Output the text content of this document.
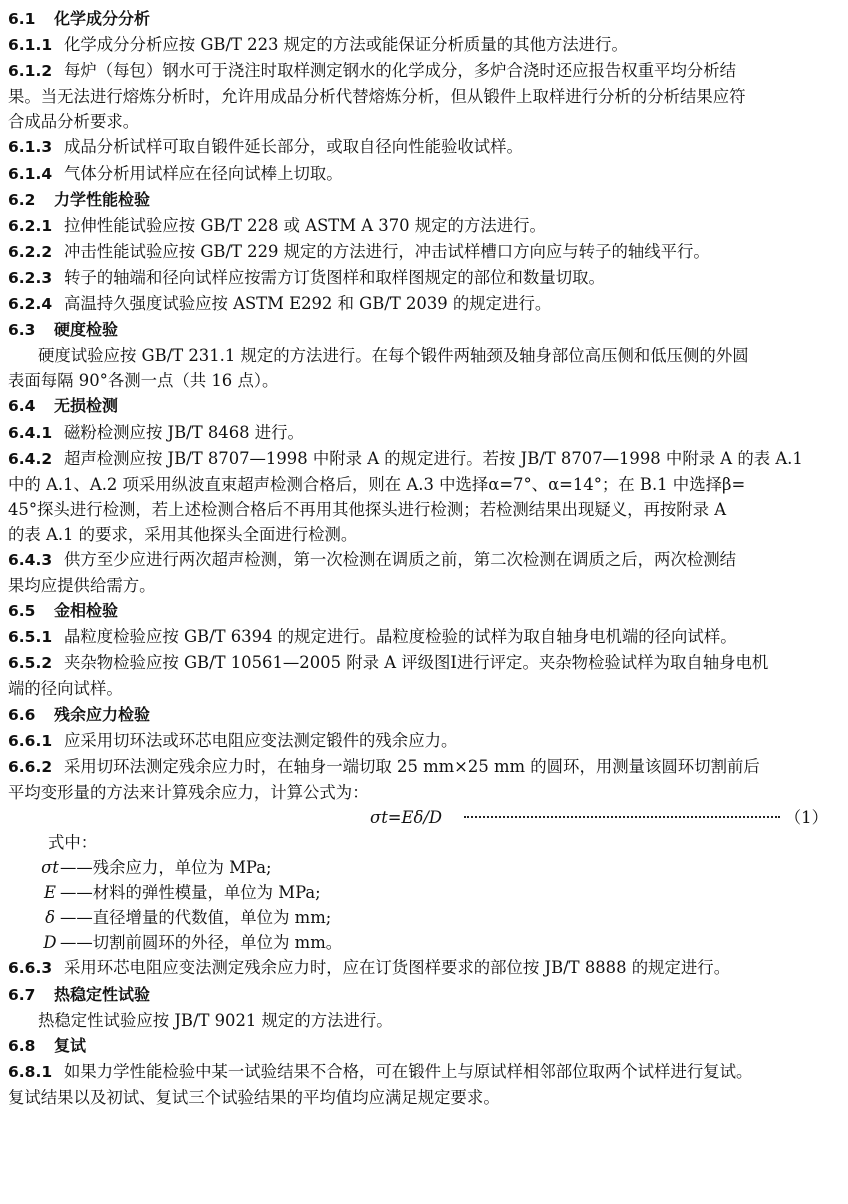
6.1 化学成分分析
6.1.1 化学成分分析应按 GB/T 223 规定的方法或能保证分析质量的其他方法进行。
6.1.2 每炉（每包）钢水可于浇注时取样测定钢水的化学成分，多炉合浇时还应报告权重平均分析结
果。当无法进行熔炼分析时，允许用成品分析代替熔炼分析，但从锻件上取样进行分析的分析结果应符
合成品分析要求。
6.1.3 成品分析试样可取自锻件延长部分，或取自径向性能验收试样。
6.1.4 气体分析用试样应在径向试棒上切取。
6.2 力学性能检验
6.2.1 拉伸性能试验应按 GB/T 228 或 ASTM A 370 规定的方法进行。
6.2.2 冲击性能试验应按 GB/T 229 规定的方法进行，冲击试样槽口方向应与转子的轴线平行。
6.2.3 转子的轴端和径向试样应按需方订货图样和取样图规定的部位和数量切取。
6.2.4 高温持久强度试验应按 ASTM E292 和 GB/T 2039 的规定进行。
6.3 硬度检验
硬度试验应按 GB/T 231.1 规定的方法进行。在每个锻件两轴颈及轴身部位高压侧和低压侧的外圆
表面每隔 90°各测一点（共 16 点）。
6.4 无损检测
6.4.1 磁粉检测应按 JB/T 8468 进行。
6.4.2 超声检测应按 JB/T 8707—1998 中附录 A 的规定进行。若按 JB/T 8707—1998 中附录 A 的表 A.1
中的 A.1、A.2 项采用纵波直束超声检测合格后，则在 A.3 中选择α=7°、α=14°；在 B.1 中选择β=
45°探头进行检测，若上述检测合格后不再用其他探头进行检测；若检测结果出现疑义，再按附录 A
的表 A.1 的要求，采用其他探头全面进行检测。
6.4.3 供方至少应进行两次超声检测，第一次检测在调质之前，第二次检测在调质之后，两次检测结
果均应提供给需方。
6.5 金相检验
6.5.1 晶粒度检验应按 GB/T 6394 的规定进行。晶粒度检验的试样为取自轴身电机端的径向试样。
6.5.2 夹杂物检验应按 GB/T 10561—2005 附录 A 评级图Ⅰ进行评定。夹杂物检验试样为取自轴身电机
端的径向试样。
6.6 残余应力检验
6.6.1 应采用切环法或环芯电阻应变法测定锻件的残余应力。
6.6.2 采用切环法测定残余应力时，在轴身一端切取 25 mm×25 mm 的圆环，用测量该圆环切割前后
平均变形量的方法来计算残余应力，计算公式为：
σt=Eδ/D	（1）
式中：
σt——残余应力，单位为 MPa;
E ——材料的弹性模量，单位为 MPa;
δ ——直径增量的代数值，单位为 mm;
D ——切割前圆环的外径，单位为 mm。
6.6.3 采用环芯电阻应变法测定残余应力时，应在订货图样要求的部位按 JB/T 8888 的规定进行。
6.7 热稳定性试验
热稳定性试验应按 JB/T 9021 规定的方法进行。
6.8 复试
6.8.1 如果力学性能检验中某一试验结果不合格，可在锻件上与原试样相邻部位取两个试样进行复试。
复试结果以及初试、复试三个试验结果的平均值均应满足规定要求。
